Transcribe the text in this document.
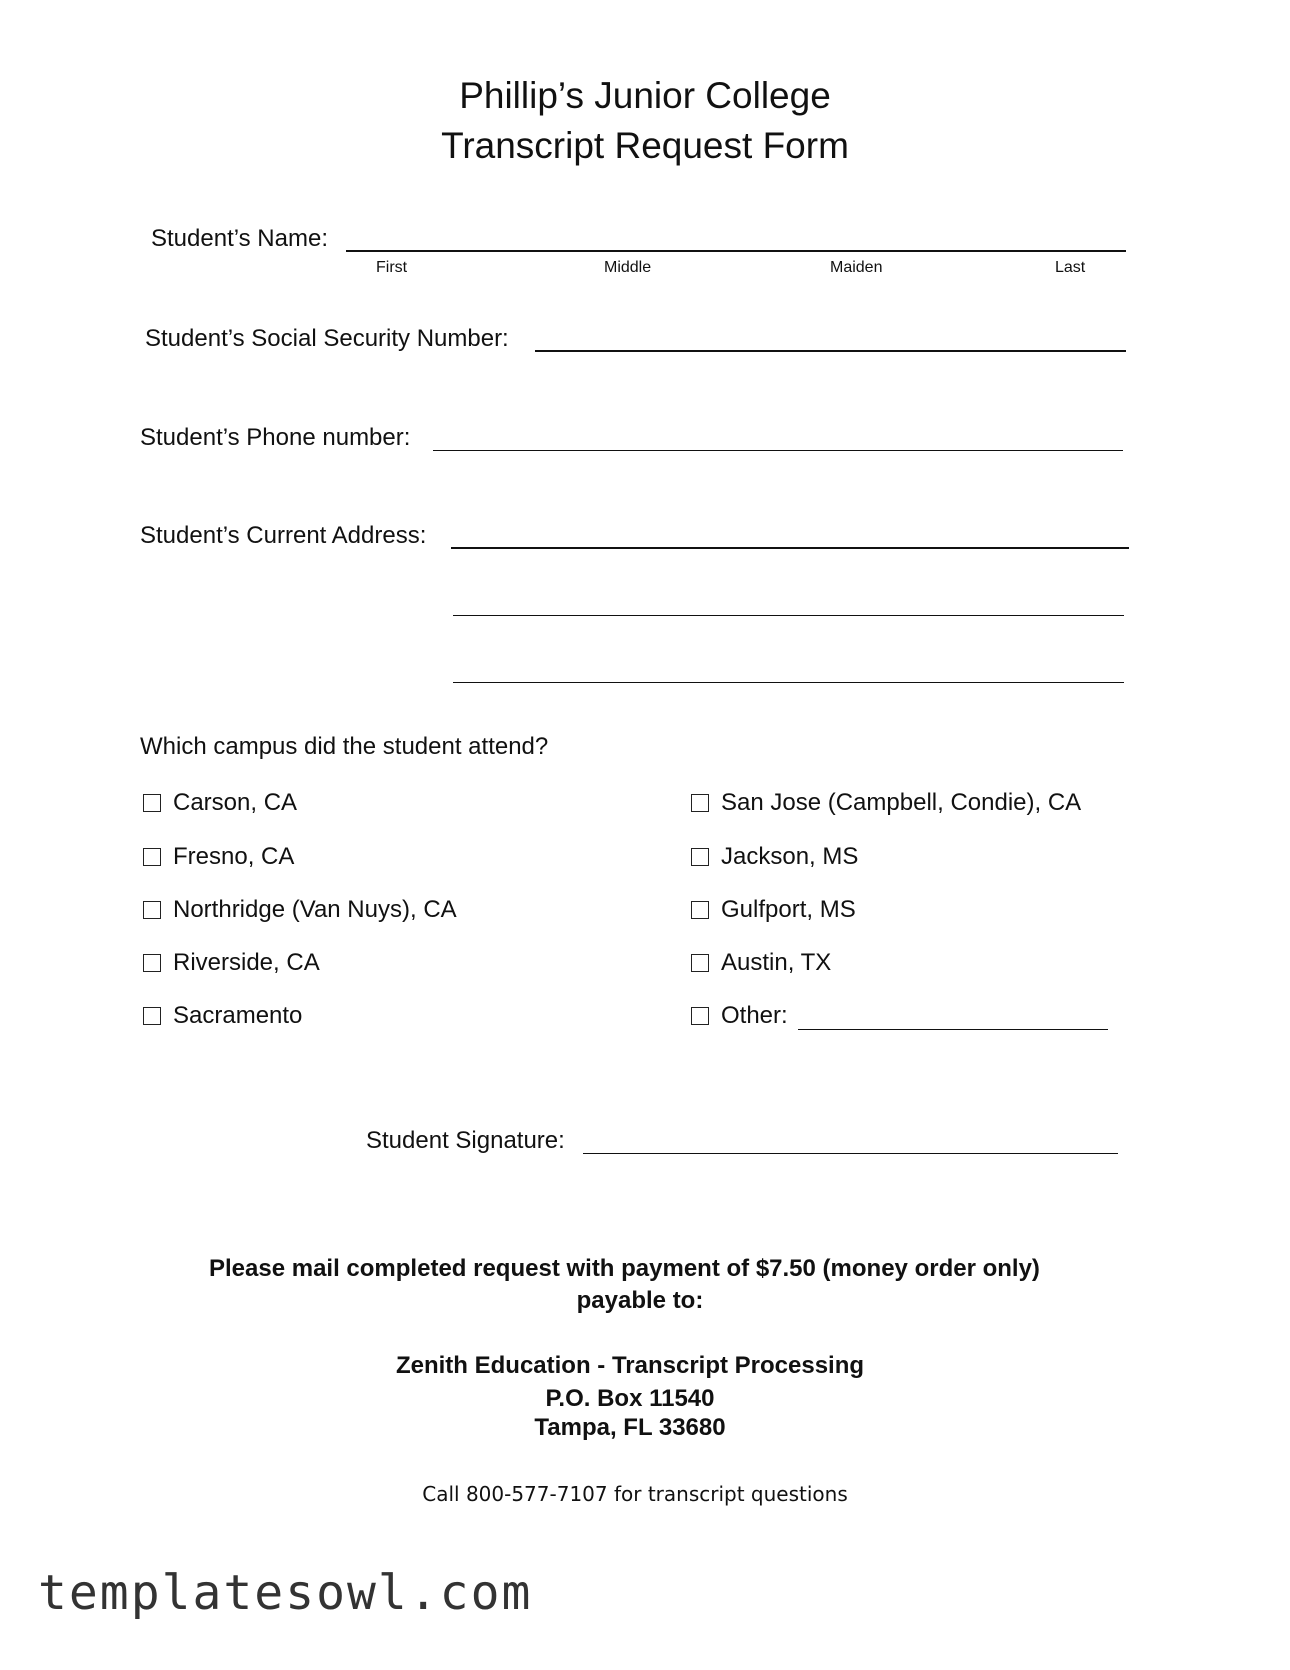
Phillip’s Junior College
Transcript Request Form
Student’s Name:
First	Middle	Maiden	Last
Student’s Social Security Number:
Student’s Phone number:
Student’s Current Address:
Which campus did the student attend?
Carson, CA
Fresno, CA
Northridge (Van Nuys), CA
Riverside, CA
Sacramento
San Jose (Campbell, Condie), CA
Jackson, MS
Gulfport, MS
Austin, TX
Other:
Student Signature:
Please mail completed request with payment of $7.50 (money order only)
payable to:
Zenith Education - Transcript Processing
P.O. Box 11540
Tampa, FL 33680
Call 800-577-7107 for transcript questions
templatesowl.com
